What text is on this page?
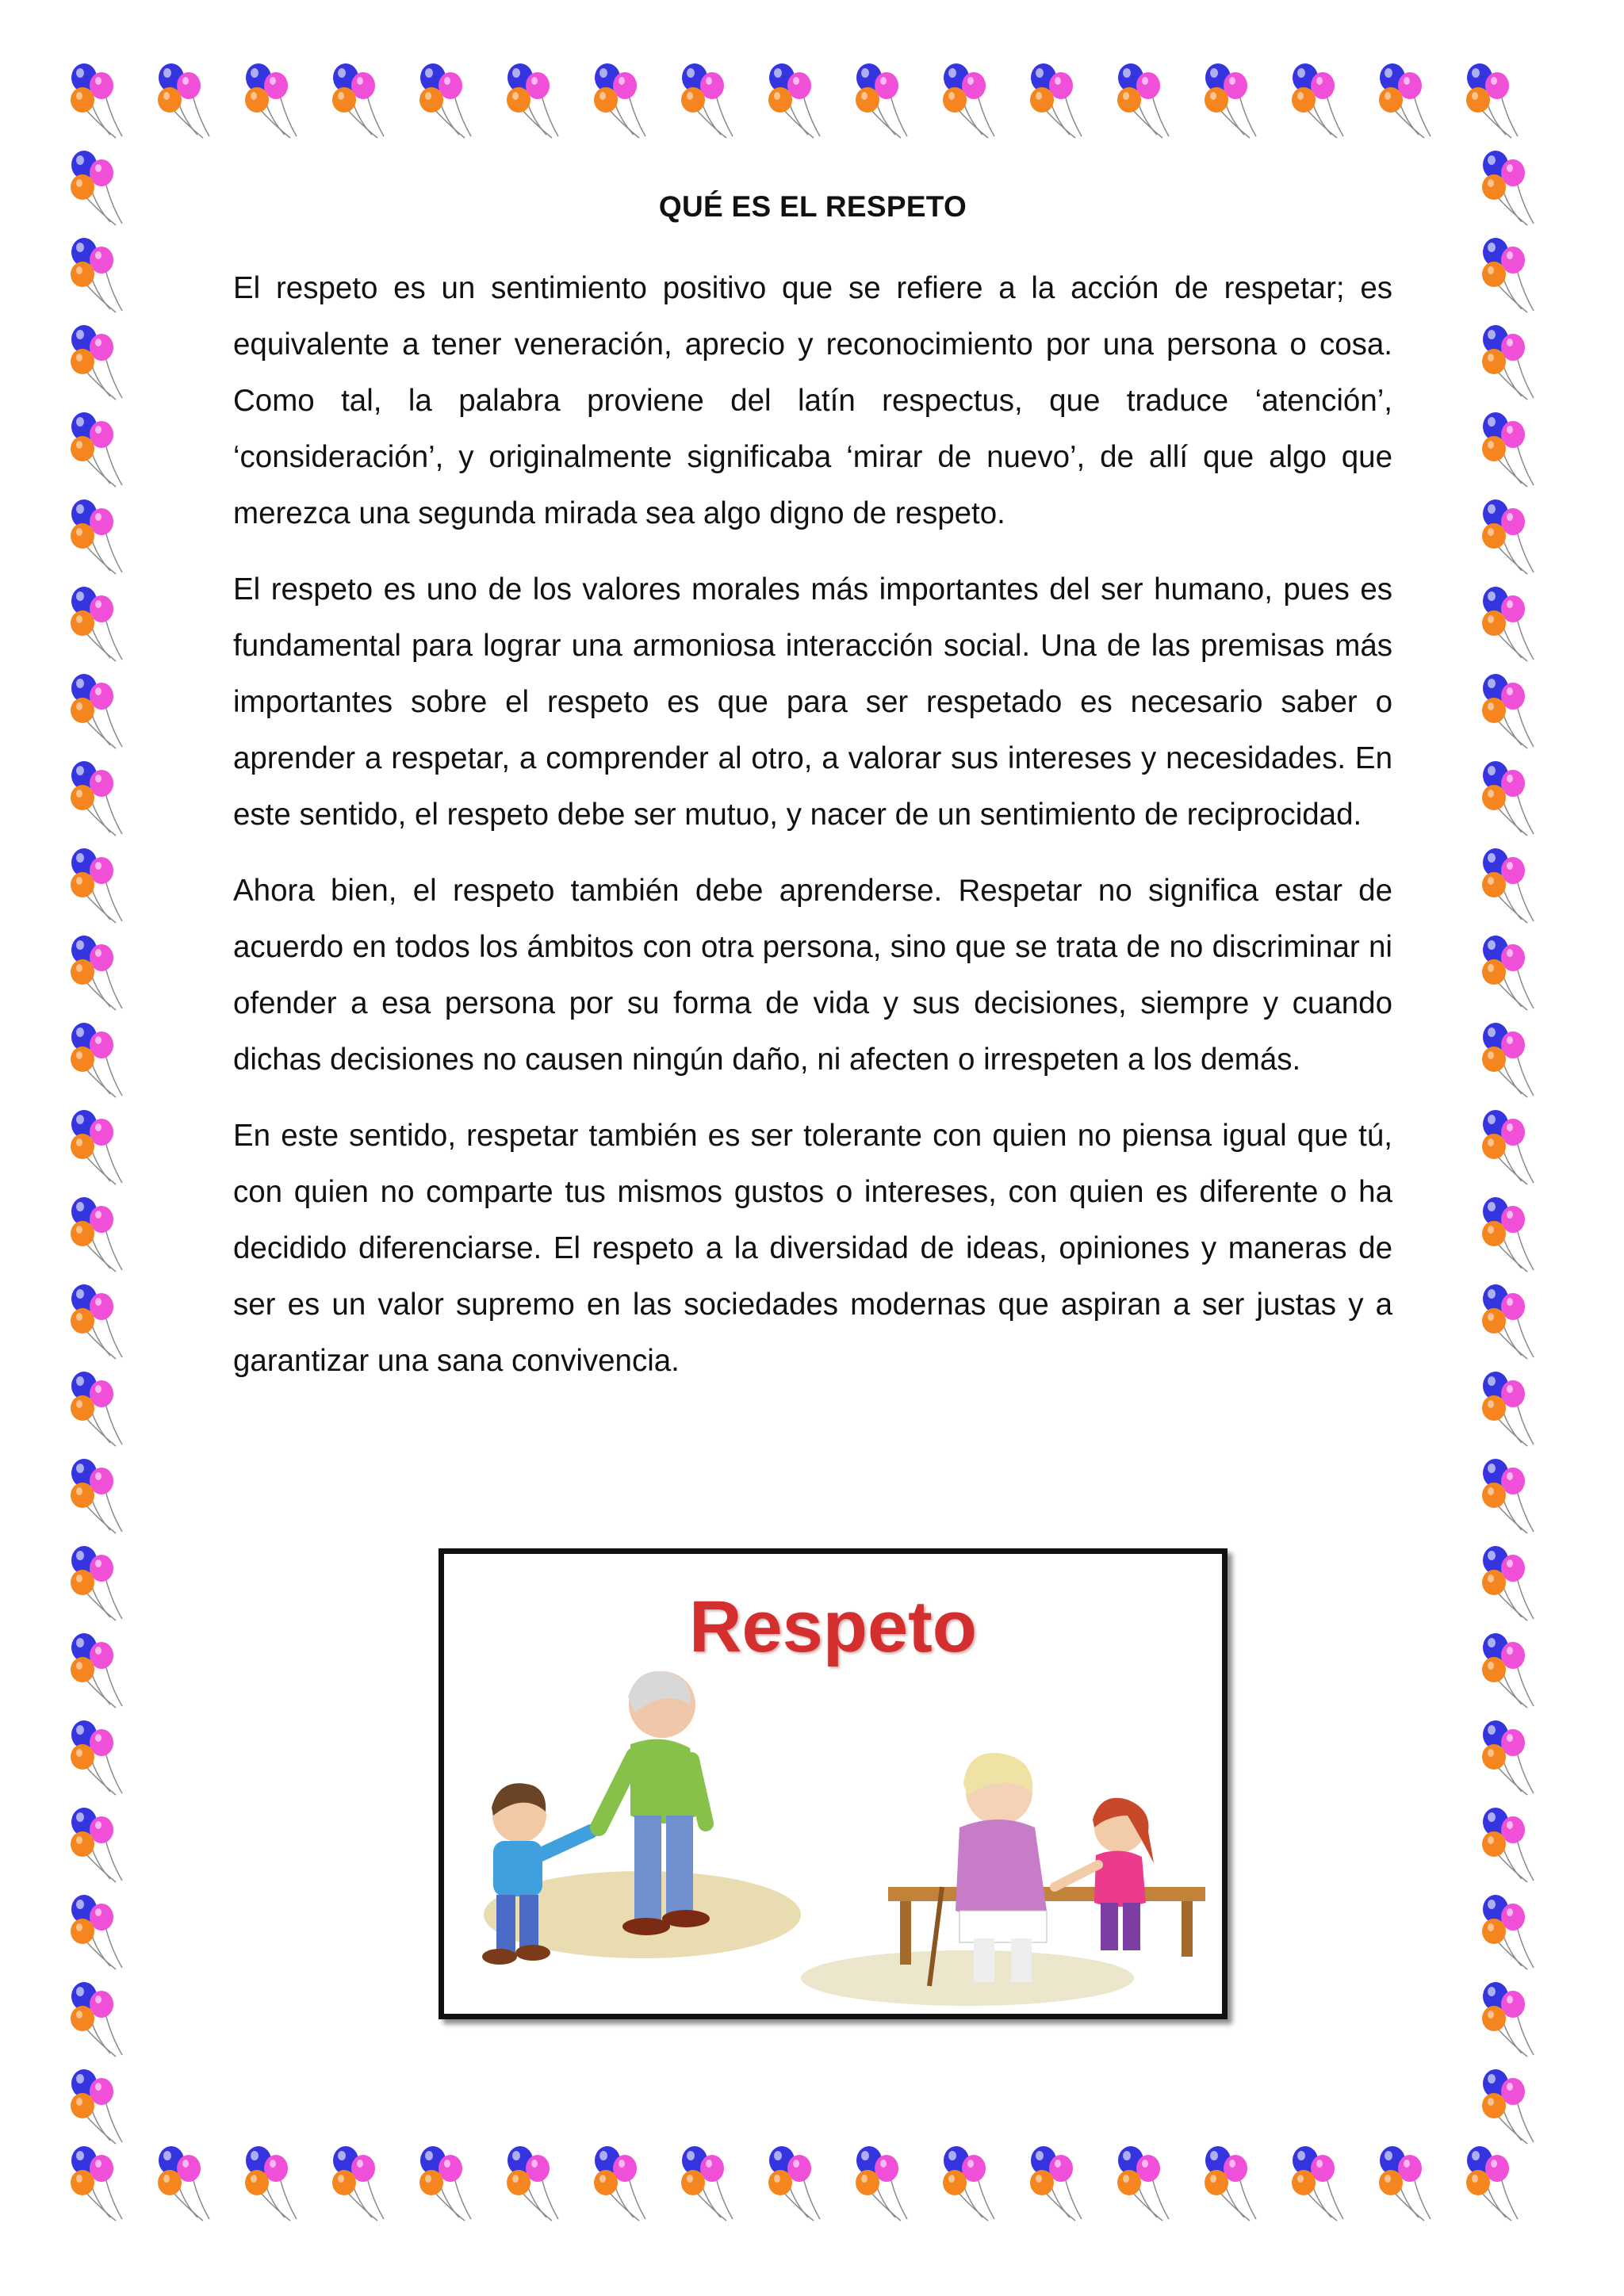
QUÉ ES EL RESPETO

El respeto es un sentimiento positivo que se refiere a la acción de respetar; es equivalente a tener veneración, aprecio y reconocimiento por una persona o cosa. Como tal, la palabra proviene del latín respectus, que traduce ‘atención’, ‘consideración’, y originalmente significaba ‘mirar de nuevo’, de allí que algo que merezca una segunda mirada sea algo digno de respeto.

El respeto es uno de los valores morales más importantes del ser humano, pues es fundamental para lograr una armoniosa interacción social. Una de las premisas más importantes sobre el respeto es que para ser respetado es necesario saber o aprender a respetar, a comprender al otro, a valorar sus intereses y necesidades. En este sentido, el respeto debe ser mutuo, y nacer de un sentimiento de reciprocidad.

Ahora bien, el respeto también debe aprenderse. Respetar no significa estar de acuerdo en todos los ámbitos con otra persona, sino que se trata de no discriminar ni ofender a esa persona por su forma de vida y sus decisiones, siempre y cuando dichas decisiones no causen ningún daño, ni afecten o irrespeten a los demás.

En este sentido, respetar también es ser tolerante con quien no piensa igual que tú, con quien no comparte tus mismos gustos o intereses, con quien es diferente o ha decidido diferenciarse. El respeto a la diversidad de ideas, opiniones y maneras de ser es un valor supremo en las sociedades modernas que aspiran a ser justas y a garantizar una sana convivencia.

Respeto
